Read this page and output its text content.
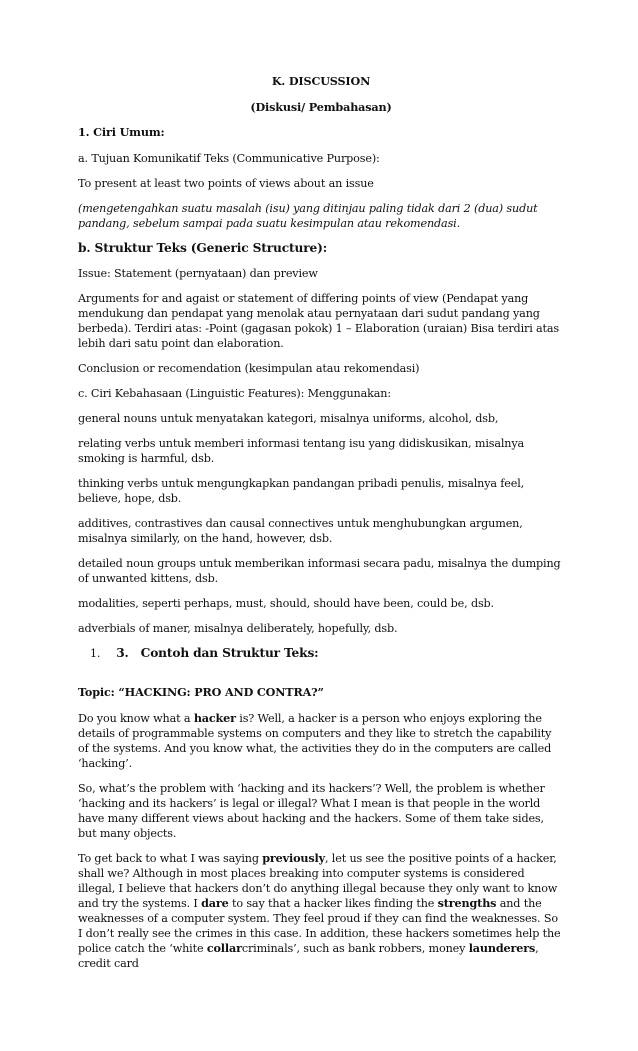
K. DISCUSSION
(Diskusi/ Pembahasan)
1. Ciri Umum:

a. Tujuan Komunikatif Teks (Communicative Purpose):

To present at least two points of views about an issue

(mengetengahkan suatu masalah (isu) yang ditinjau paling tidak dari 2 (dua) sudut pandang, sebelum sampai pada suatu kesimpulan atau rekomendasi.

b. Struktur Teks (Generic Structure):

Issue: Statement (pernyataan) dan preview

Arguments for and agaist or statement of differing points of view (Pendapat yang mendukung dan pendapat yang menolak atau pernyataan dari sudut pandang yang berbeda). Terdiri atas: -Point (gagasan pokok) 1 – Elaboration (uraian) Bisa terdiri atas lebih dari satu point dan elaboration.

Conclusion or recomendation (kesimpulan atau rekomendasi)

c. Ciri Kebahasaan (Linguistic Features): Menggunakan:

general nouns untuk menyatakan kategori, misalnya uniforms, alcohol, dsb,

relating verbs untuk memberi informasi tentang isu yang didiskusikan, misalnya smoking is harmful, dsb.

thinking verbs untuk mengungkapkan pandangan pribadi penulis, misalnya feel, believe, hope, dsb.

additives, contrastives dan causal connectives untuk menghubungkan argumen, misalnya similarly, on the hand, however, dsb.

detailed noun groups untuk memberikan informasi secara padu, misalnya the dumping of unwanted kittens, dsb.

modalities, seperti perhaps, must, should, should have been, could be, dsb.

adverbials of maner, misalnya deliberately, hopefully, dsb.

1. 3. Contoh dan Struktur Teks:
Topic: “HACKING: PRO AND CONTRA?”

Do you know what a hacker is? Well, a hacker is a person who enjoys exploring the details of programmable systems on computers and they like to stretch the capability of the systems. And you know what, the activities they do in the computers are called ‘hacking’.

So, what’s the problem with ‘hacking and its hackers’? Well, the problem is whether ‘hacking and its hackers’ is legal or illegal? What I mean is that people in the world have many different views about hacking and the hackers. Some of them take sides, but many objects.

To get back to what I was saying previously, let us see the positive points of a hacker, shall we? Although in most places breaking into computer systems is considered illegal, I believe that hackers don’t do anything illegal because they only want to know and try the systems. I dare to say that a hacker likes finding the strengths and the weaknesses of a computer system. They feel proud if they can find the weaknesses. So I don’t really see the crimes in this case. In addition, these hackers sometimes help the police catch the ‘white collarcriminals’, such as bank robbers, money launderers, credit card
